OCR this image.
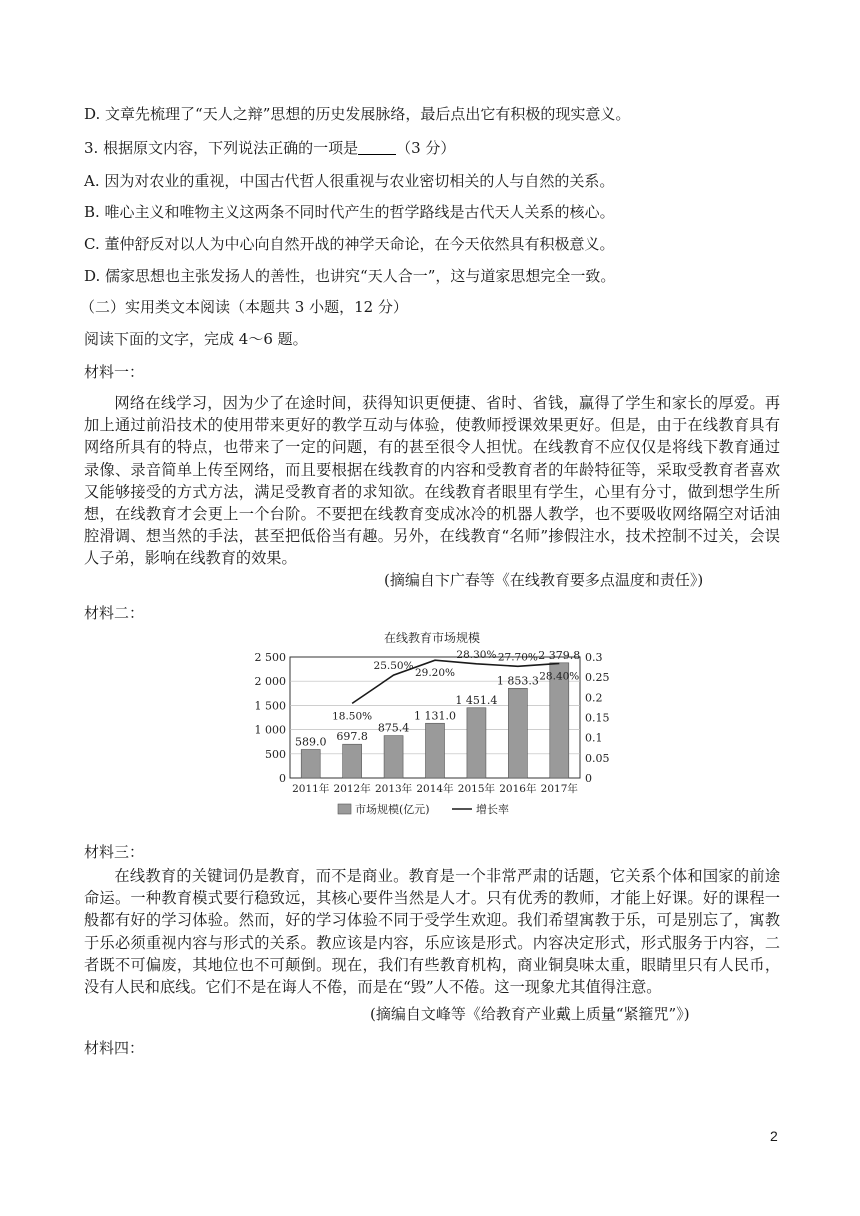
D. 文章先梳理了“天人之辩”思想的历史发展脉络，最后点出它有积极的现实意义。
3. 根据原文内容，下列说法正确的一项是	（3 分）
A. 因为对农业的重视，中国古代哲人很重视与农业密切相关的人与自然的关系。
B. 唯心主义和唯物主义这两条不同时代产生的哲学路线是古代天人关系的核心。
C. 董仲舒反对以人为中心向自然开战的神学天命论，在今天依然具有积极意义。
D. 儒家思想也主张发扬人的善性，也讲究“天人合一”，这与道家思想完全一致。
（二）实用类文本阅读（本题共 3 小题，12 分）
阅读下面的文字，完成 4～6 题。
材料一：
网络在线学习，因为少了在途时间，获得知识更便捷、省时、省钱，赢得了学生和家长的厚爱。再加上通过前沿技术的使用带来更好的教学互动与体验，使教师授课效果更好。但是，由于在线教育具有网络所具有的特点，也带来了一定的问题，有的甚至很令人担忧。在线教育不应仅仅是将线下教育通过录像、录音简单上传至网络，而且要根据在线教育的内容和受教育者的年龄特征等，采取受教育者喜欢又能够接受的方式方法，满足受教育者的求知欲。在线教育者眼里有学生，心里有分寸，做到想学生所想，在线教育才会更上一个台阶。不要把在线教育变成冰冷的机器人教学，也不要吸收网络隔空对话油腔滑调、想当然的手法，甚至把低俗当有趣。另外，在线教育“名师”掺假注水，技术控制不过关，会误人子弟，影响在线教育的效果。
(摘编自卞广春等《在线教育要多点温度和责任》)
材料二：
在线教育市场规模
0
500
1 000
1 500
2 000
2 500
0
0.05
0.1
0.15
0.2
0.25
0.3
589.0 697.8
875.4
1 131.0
1 451.4
1 853.3
2 379.8
18.50%
25.50%
29.20%
28.30% 27.70%
28.40%
2011年 2012年 2013年 2014年 2015年 2016年 2017年
市场规模(亿元)	增长率
材料三：
在线教育的关键词仍是教育，而不是商业。教育是一个非常严肃的话题，它关系个体和国家的前途命运。一种教育模式要行稳致远，其核心要件当然是人才。只有优秀的教师，才能上好课。好的课程一般都有好的学习体验。然而，好的学习体验不同于受学生欢迎。我们希望寓教于乐，可是别忘了，寓教于乐必须重视内容与形式的关系。教应该是内容，乐应该是形式。内容决定形式，形式服务于内容，二者既不可偏废，其地位也不可颠倒。现在，我们有些教育机构，商业铜臭味太重，眼睛里只有人民币，没有人民和底线。它们不是在诲人不倦，而是在“毁”人不倦。这一现象尤其值得注意。
(摘编自文峰等《给教育产业戴上质量“紧箍咒”》)
材料四：
2
